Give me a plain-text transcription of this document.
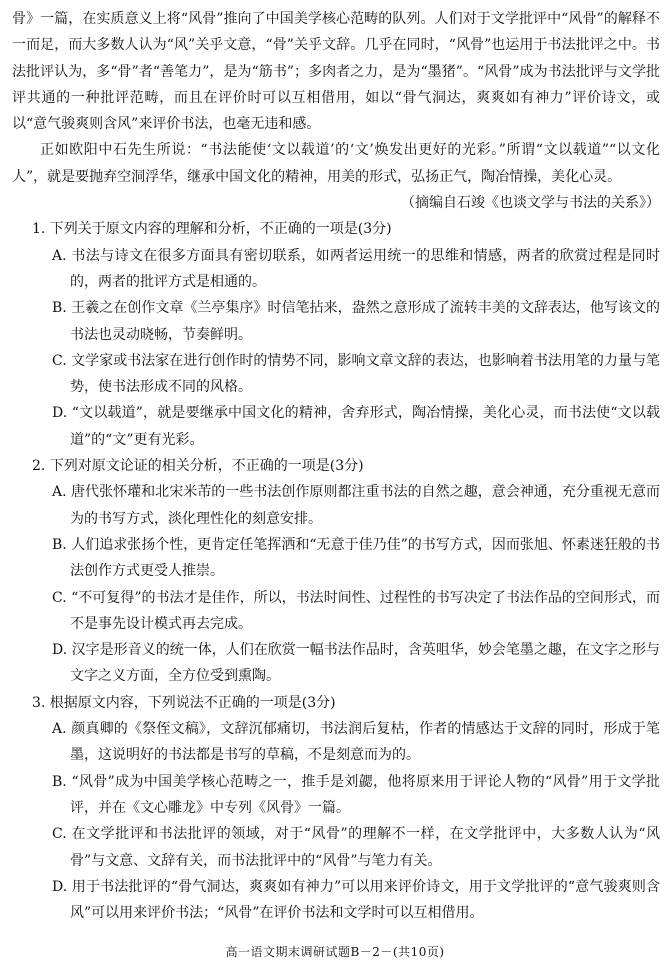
骨》一篇，在实质意义上将“风骨”推向了中国美学核心范畴的队列。人们对于文学批评中“风骨”的解释不一而足，而大多数人认为“风”关乎文意，“骨”关乎文辞。几乎在同时，“风骨”也运用于书法批评之中。书法批评认为，多“骨”者“善笔力”，是为“筋书”；多肉者之力，是为“墨猪”。“风骨”成为书法批评与文学批评共通的一种批评范畴，而且在评价时可以互相借用，如以“骨气洞达，爽爽如有神力”评价诗文，或以“意气骏爽则含风”来评价书法，也毫无违和感。

正如欧阳中石先生所说：“书法能使‘文以载道’的‘文’焕发出更好的光彩。”所谓“文以载道”“以文化人”，就是要抛弃空洞浮华，继承中国文化的精神，用美的形式，弘扬正气，陶冶情操，美化心灵。

（摘编自石竣《也谈文学与书法的关系》）

1. 下列关于原文内容的理解和分析，不正确的一项是(3分)

A. 书法与诗文在很多方面具有密切联系，如两者运用统一的思维和情感，两者的欣赏过程是同时的，两者的批评方式是相通的。

B. 王羲之在创作文章《兰亭集序》时信笔拈来，盎然之意形成了流转丰美的文辞表达，他写该文的书法也灵动晓畅，节奏鲜明。

C. 文学家或书法家在进行创作时的情势不同，影响文章文辞的表达，也影响着书法用笔的力量与笔势，使书法形成不同的风格。

D. “文以载道”，就是要继承中国文化的精神，舍弃形式，陶冶情操，美化心灵，而书法使“文以载道”的“文”更有光彩。

2. 下列对原文论证的相关分析，不正确的一项是(3分)

A. 唐代张怀瓘和北宋米芾的一些书法创作原则都注重书法的自然之趣，意会神通，充分重视无意而为的书写方式，淡化理性化的刻意安排。

B. 人们追求张扬个性，更肯定任笔挥洒和“无意于佳乃佳”的书写方式，因而张旭、怀素迷狂般的书法创作方式更受人推崇。

C. “不可复得”的书法才是佳作，所以，书法时间性、过程性的书写决定了书法作品的空间形式，而不是事先设计模式再去完成。

D. 汉字是形音义的统一体，人们在欣赏一幅书法作品时，含英咀华，妙会笔墨之趣，在文字之形与文字之义方面，全方位受到熏陶。

3. 根据原文内容，下列说法不正确的一项是(3分)

A. 颜真卿的《祭侄文稿》，文辞沉郁痛切，书法润后复枯，作者的情感达于文辞的同时，形成于笔墨，这说明好的书法都是书写的草稿，不是刻意而为的。

B. “风骨”成为中国美学核心范畴之一，推手是刘勰，他将原来用于评论人物的“风骨”用于文学批评，并在《文心雕龙》中专列《风骨》一篇。

C. 在文学批评和书法批评的领域，对于“风骨”的理解不一样，在文学批评中，大多数人认为“风骨”与文意、文辞有关，而书法批评中的“风骨”与笔力有关。

D. 用于书法批评的“骨气洞达，爽爽如有神力”可以用来评价诗文，用于文学批评的“意气骏爽则含风”可以用来评价书法；“风骨”在评价书法和文学时可以互相借用。

高一语文期末调研试题B－2－(共10页)
